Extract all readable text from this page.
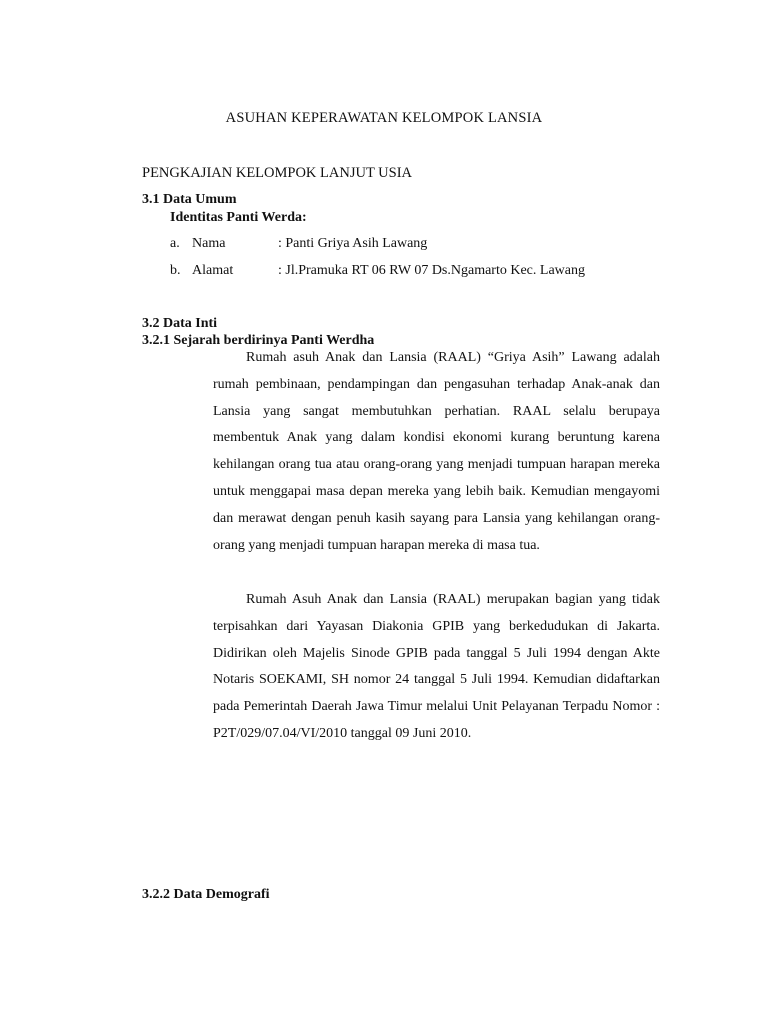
ASUHAN KEPERAWATAN KELOMPOK LANSIA
PENGKAJIAN KELOMPOK LANJUT USIA
3.1 Data Umum
Identitas Panti Werda:
a. Nama	: Panti Griya Asih Lawang
b. Alamat	: Jl.Pramuka RT 06 RW 07 Ds.Ngamarto Kec. Lawang
3.2 Data Inti
3.2.1 Sejarah berdirinya Panti Werdha

Rumah asuh Anak dan Lansia (RAAL) “Griya Asih” Lawang adalah rumah pembinaan, pendampingan dan pengasuhan terhadap Anak-anak dan Lansia yang sangat membutuhkan perhatian. RAAL selalu berupaya membentuk Anak yang dalam kondisi ekonomi kurang beruntung karena kehilangan orang tua atau orang-orang yang menjadi tumpuan harapan mereka untuk menggapai masa depan mereka yang lebih baik. Kemudian mengayomi dan merawat dengan penuh kasih sayang para Lansia yang kehilangan orang-orang yang menjadi tumpuan harapan mereka di masa tua.

Rumah Asuh Anak dan Lansia (RAAL) merupakan bagian yang tidak terpisahkan dari Yayasan Diakonia GPIB yang berkedudukan di Jakarta. Didirikan oleh Majelis Sinode GPIB pada tanggal 5 Juli 1994 dengan Akte Notaris SOEKAMI, SH nomor 24 tanggal 5 Juli 1994. Kemudian didaftarkan pada Pemerintah Daerah Jawa Timur melalui Unit Pelayanan Terpadu Nomor : P2T/029/07.04/VI/2010 tanggal 09 Juni 2010.

3.2.2 Data Demografi
